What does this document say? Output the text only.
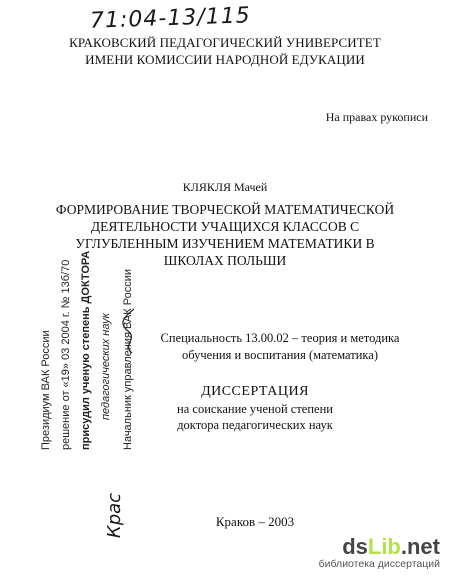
71:04-13/115
КРАКОВСКИЙ ПЕДАГОГИЧЕСКИЙ УНИВЕРСИТЕТ
ИМЕНИ КОМИССИИ НАРОДНОЙ ЕДУКАЦИИ
На правах рукописи
КЛЯКЛЯ Мачей
ФОРМИРОВАНИЕ ТВОРЧЕСКОЙ МАТЕМАТИЧЕСКОЙ
ДЕЯТЕЛЬНОСТИ УЧАЩИХСЯ КЛАССОВ С
УГЛУБЛЕННЫМ ИЗУЧЕНИЕМ МАТЕМАТИКИ В
ШКОЛАХ ПОЛЬШИ
Специальность 13.00.02 – теория и методика
обучения и воспитания (математика)
ДИССЕРТАЦИЯ
на соискание ученой степени
доктора педагогических наук
Президиум ВАК России решение от «19» 03 2004 г. № 13б/70 присудил ученую степень ДОКТОРА педагогических наук Начальник управления ВАК России
Крас	Краков – 2003
dsLib.net
библиотека диссертаций
